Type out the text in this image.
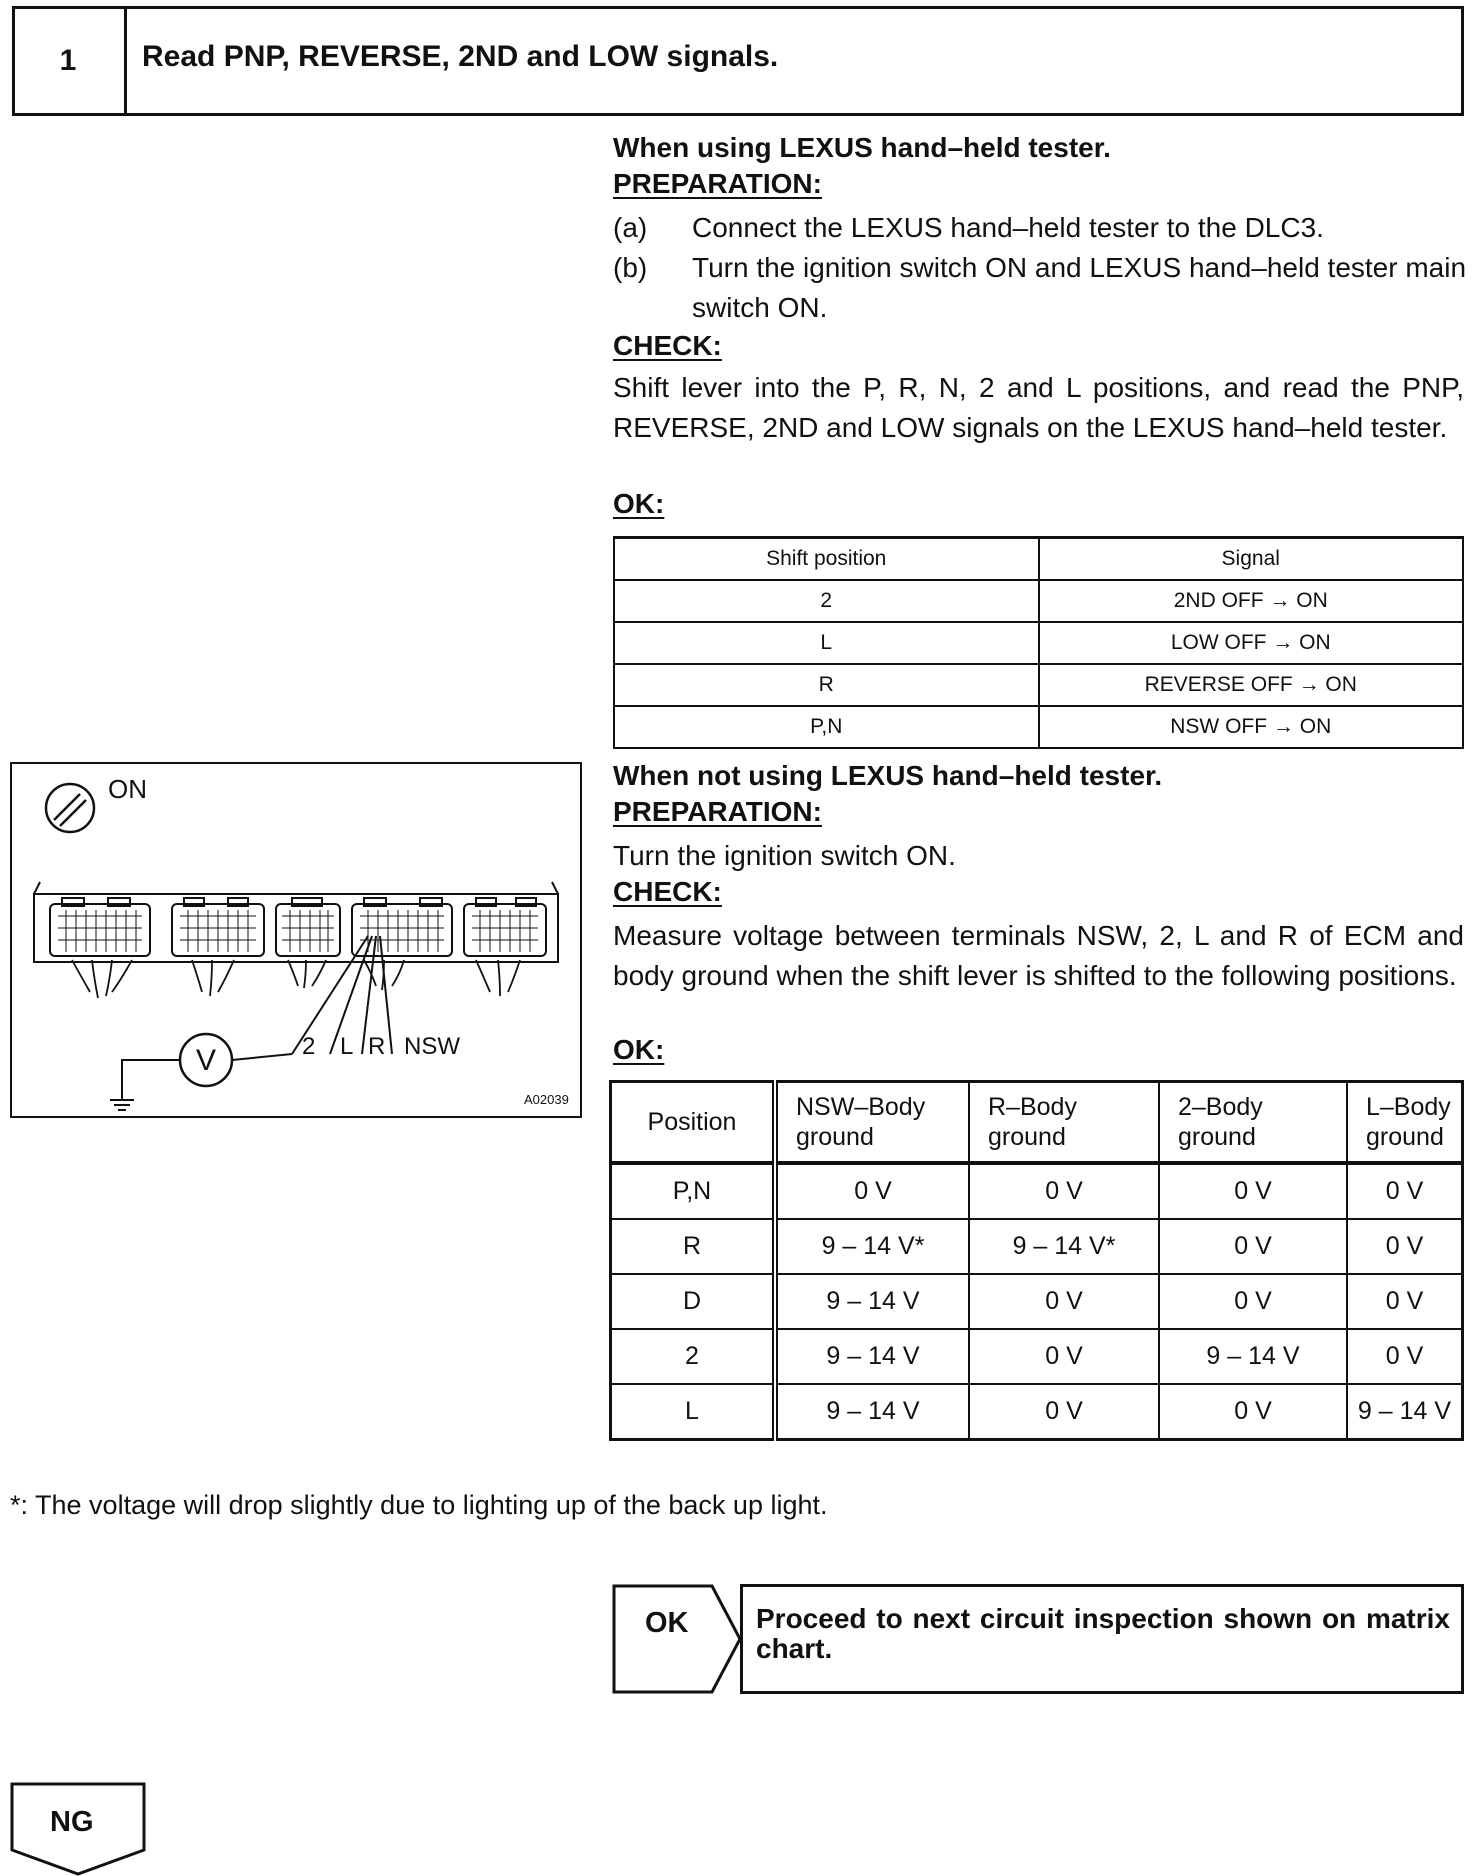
1	Read PNP, REVERSE, 2ND and LOW signals.
When using LEXUS hand–held tester.
PREPARATION:
(a) Connect the LEXUS hand–held tester to the DLC3.
(b) Turn the ignition switch ON and LEXUS hand–held tester main switch ON.
CHECK:
Shift lever into the P, R, N, 2 and L positions, and read the PNP, REVERSE, 2ND and LOW signals on the LEXUS hand–held tester.
OK:
Shift position	Signal
2	2ND OFF → ON
L	LOW OFF → ON
R	REVERSE OFF → ON
P,N	NSW OFF → ON
When not using LEXUS hand–held tester.
PREPARATION:
Turn the ignition switch ON.
CHECK:
Measure voltage between terminals NSW, 2, L and R of ECM and body ground when the shift lever is shifted to the following positions.
OK:
Position	NSW–Body ground	R–Body ground	2–Body ground	L–Body ground
P,N	0 V	0 V	0 V	0 V
R	9 – 14 V*	9 – 14 V*	0 V	0 V
D	9 – 14 V	0 V	0 V	0 V
2	9 – 14 V	0 V	9 – 14 V	0 V
L	9 – 14 V	0 V	0 V	9 – 14 V
ON
V	2 L R NSW
A02039
*: The voltage will drop slightly due to lighting up of the back up light.
OK Proceed to next circuit inspection shown on matrix chart.
NG
